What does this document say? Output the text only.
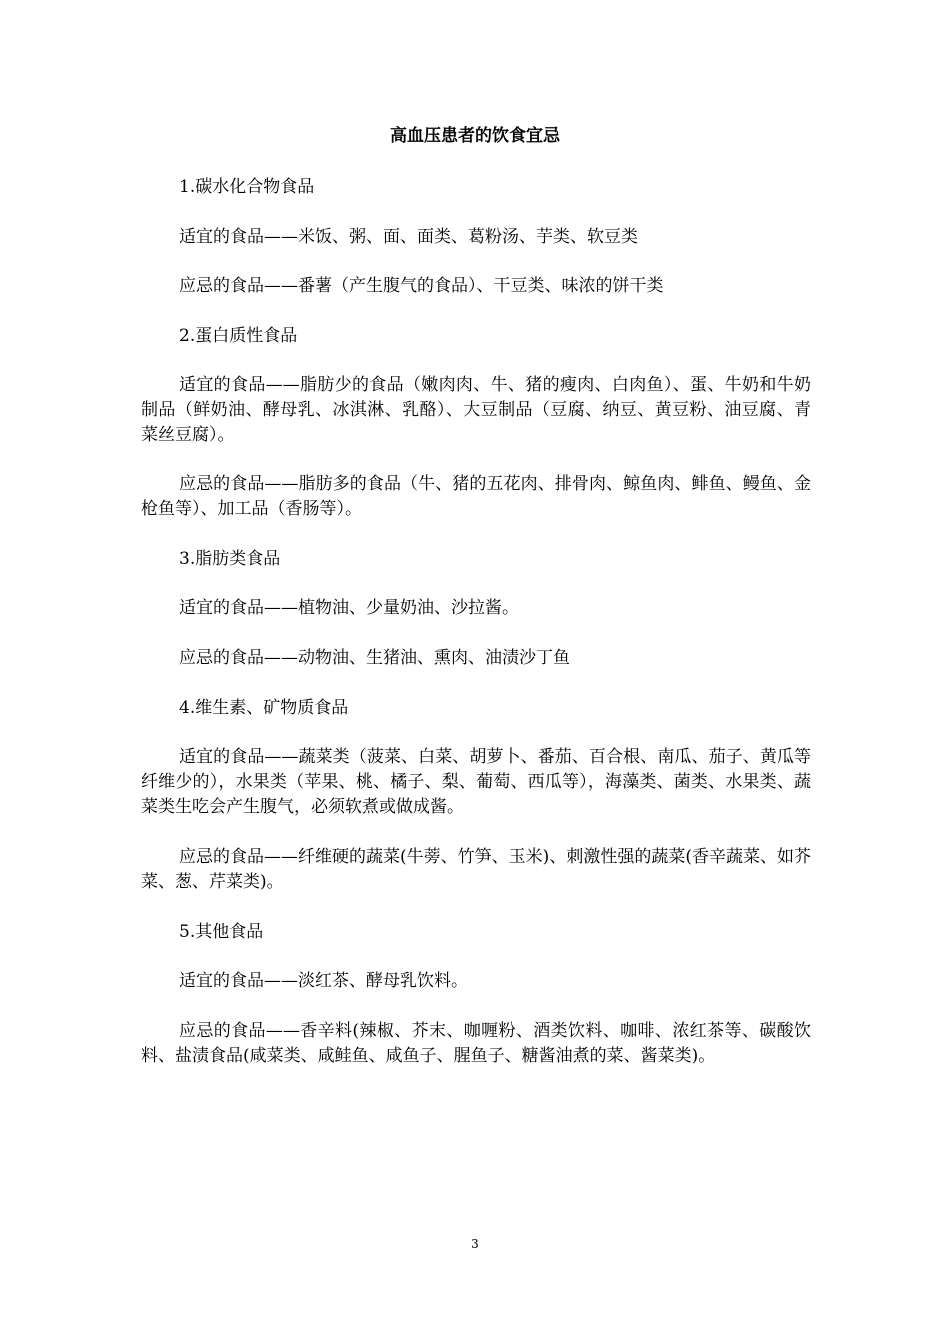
高血压患者的饮食宜忌

1.碳水化合物食品

适宜的食品——米饭、粥、面、面类、葛粉汤、芋类、软豆类

应忌的食品——番薯（产生腹气的食品）、干豆类、味浓的饼干类

2.蛋白质性食品

适宜的食品——脂肪少的食品（嫩肉肉、牛、猪的瘦肉、白肉鱼）、蛋、牛奶和牛奶制品（鲜奶油、酵母乳、冰淇淋、乳酪）、大豆制品（豆腐、纳豆、黄豆粉、油豆腐、青菜丝豆腐）。

应忌的食品——脂肪多的食品（牛、猪的五花肉、排骨肉、鲸鱼肉、鲱鱼、鳗鱼、金枪鱼等）、加工品（香肠等）。

3.脂肪类食品

适宜的食品——植物油、少量奶油、沙拉酱。

应忌的食品——动物油、生猪油、熏肉、油渍沙丁鱼

4.维生素、矿物质食品

适宜的食品——蔬菜类（菠菜、白菜、胡萝卜、番茄、百合根、南瓜、茄子、黄瓜等纤维少的），水果类（苹果、桃、橘子、梨、葡萄、西瓜等），海藻类、菌类、水果类、蔬菜类生吃会产生腹气，必须软煮或做成酱。

应忌的食品——纤维硬的蔬菜(牛蒡、竹笋、玉米)、刺激性强的蔬菜(香辛蔬菜、如芥菜、葱、芹菜类)。

5.其他食品

适宜的食品——淡红茶、酵母乳饮料。

应忌的食品——香辛料(辣椒、芥末、咖喱粉、酒类饮料、咖啡、浓红茶等、碳酸饮料、盐渍食品(咸菜类、咸鲑鱼、咸鱼子、腥鱼子、糖酱油煮的菜、酱菜类)。

3
